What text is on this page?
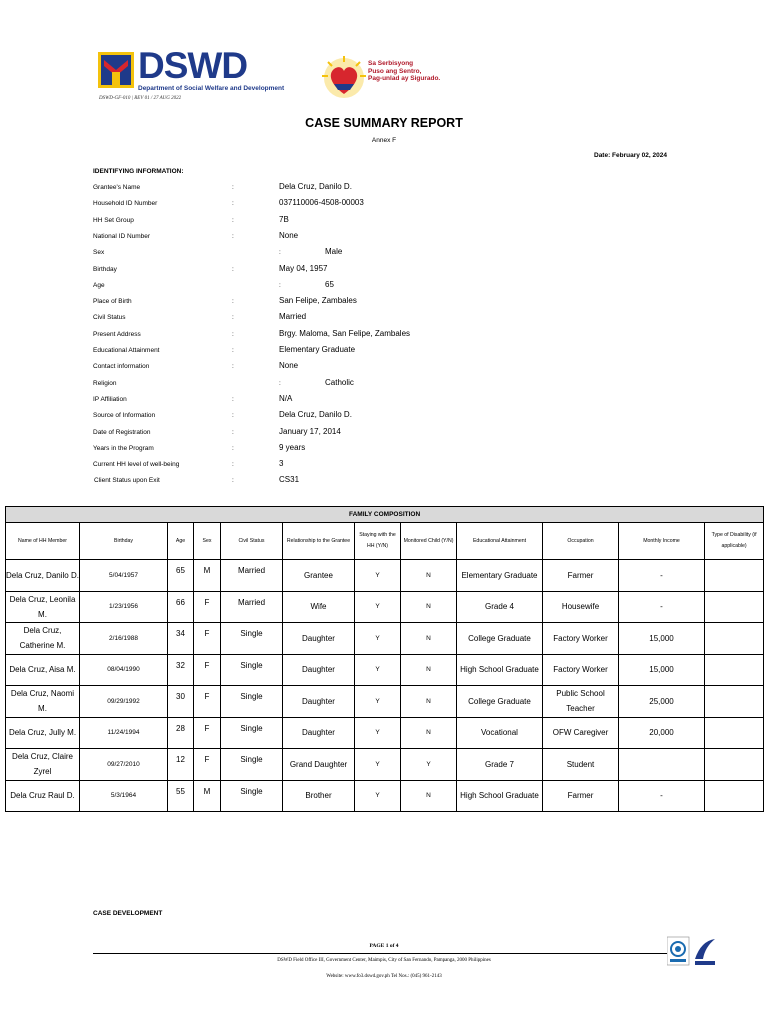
DSWD
Department of Social Welfare and Development
DSWD-GF-010 | REV 01 / 27 AUG 2022
Sa Serbisyong
Puso ang Sentro,
Pag-unlad ay Sigurado.
CASE SUMMARY REPORT
Annex F
Date: February 02, 2024
IDENTIFYING INFORMATION:
Grantee's Name	:	Dela Cruz, Danilo D.
Household ID Number	:	037110006-4508-00003
HH Set Group	:	7B
National ID Number	:	None
Sex	:	Male
Birthday	:	May 04, 1957
Age	:	65
Place of Birth	:	San Felipe, Zambales
Civil Status	:	Married
Present Address	:	Brgy. Maloma, San Felipe, Zambales
Educational Attainment	:	Elementary Graduate
Contact information	:	None
Religion	:	Catholic
IP Affiliation	:	N/A
Source of Information	:	Dela Cruz, Danilo D.
Date of Registration	:	January 17, 2014
Years in the Program	:	9 years
Current HH level of well-being	:	3
Client Status upon Exit	:	CS31
FAMILY COMPOSITION											
Name of HH Member	Birthday	Age	Sex	Civil Status	Relationship to the Grantee	Staying with the HH (Y/N)	Monitored Child (Y/N)	Educational Attainment	Occupation	Monthly Income	Type of Disability (if applicable)
Dela Cruz, Danilo D.	5/04/1957	65	M	Married	Grantee	Y	N	Elementary Graduate	Farmer	-	
Dela Cruz, Leonila M.	1/23/1956	66	F	Married	Wife	Y	N	Grade 4	Housewife	-	
Dela Cruz, Catherine M.	2/16/1988	34	F	Single	Daughter	Y	N	College Graduate	Factory Worker	15,000	
Dela Cruz, Aisa M.	08/04/1990	32	F	Single	Daughter	Y	N	High School Graduate	Factory Worker	15,000	
Dela Cruz, Naomi M.	09/29/1992	30	F	Single	Daughter	Y	N	College Graduate	Public School Teacher	25,000	
Dela Cruz, Jully M.	11/24/1994	28	F	Single	Daughter	Y	N	Vocational	OFW Caregiver	20,000	
Dela Cruz, Claire Zyrel	09/27/2010	12	F	Single	Grand Daughter	Y	Y	Grade 7	Student		
Dela Cruz Raul D.	5/3/1964	55	M	Single	Brother	Y	N	High School Graduate	Farmer	-	
CASE DEVELOPMENT
PAGE 1 of 4
DSWD Field Office III, Government Center, Maimpis, City of San Fernando, Pampanga, 2000 Philippines
Website: www.fo3.dswd.gov.ph Tel Nos.: (045) 961-2143
